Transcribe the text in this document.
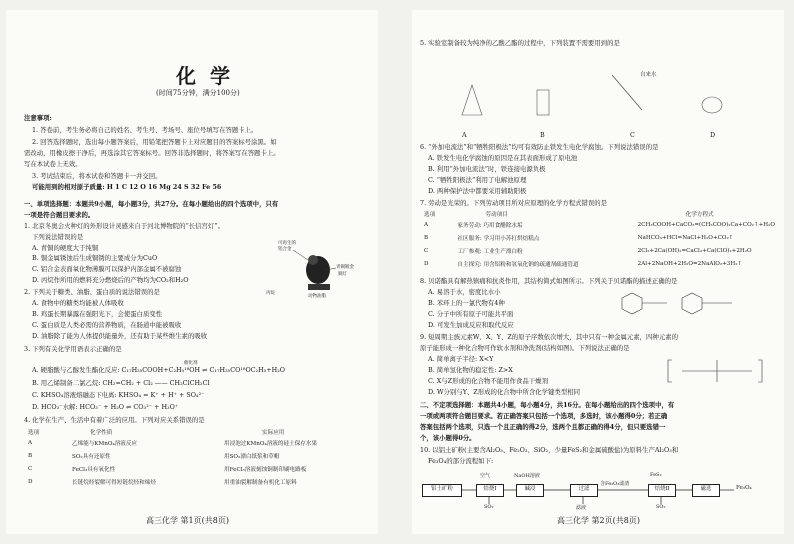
化学
(时间75分钟，满分100分)
注意事项:
1. 答卷前，考生务必将自己的姓名、考生号、考场号、座位号填写在答题卡上。
2. 回答选择题时，选出每小题答案后，用铅笔把答题卡上对应题目的答案标号涂黑。如
需改动，用橡皮擦干净后，再选涂其它答案标号。回答非选择题时，将答案写在答题卡上。
写在本试卷上无效。
3. 考试结束后，将本试卷和答题卡一并交回。
可能用到的相对原子质量: H 1 C 12 O 16 Mg 24 S 32 Fe 56
一、单项选择题：本题共9小题，每小题3分，共27分。在每小题给出的四个选项中，只有
一项是符合题目要求的。
1. 北京冬奥会火种灯的外形设计灵感来自于河北博物院的“长信宫灯”。
下列说法错误的是
A. 青铜的硬度大于纯铜
B. 铜金属锈蚀后生成铜锈的主要成分为CuO
C. 铝合金表面氧化物薄膜可以保护内部金属不被腐蚀
D. 丙烷作所用的燃料充分燃烧后的产物均为CO₂和H₂O
可再生的
铝合金
青铜镀金
铜灯
丙烷
动物油脂
2. 下列关于糖类、油脂、蛋白质的说法错误的是
A. 食物中的糖类均能被人体吸收
B. 鸡蛋长期暴露在强阳光下，会使蛋白质变性
C. 蛋白质是人类必需的营养物质，在肠道中能被吸收
D. 油脂除了能为人体提供能量外，还有助于某些维生素的吸收
3. 下列有关化学用语表示正确的是
催化剂
A. 硬脂酸与乙醇发生酯化反应: C₁₇H₃₅COOH+C₂H₅¹⁸OH ⇌ C₁₇H₃₅CO¹⁸OC₂H₅+H₂O
B. 用乙烯制备二氯乙烷: CH₂=CH₂ + Cl₂ —— CH₂ClCH₂Cl
C. KHSO₄溶液熔融态下电离: KHSO₄ = K⁺ + H⁺ + SO₄²⁻
D. HCO₃⁻水解: HCO₃⁻ + H₂O ⇌ CO₃²⁻ + H₃O⁺
4. 化学在生产、生活中有着广泛的应用。下列对应关系错误的是
选项	化学性质	实际应用
A	乙烯能与KMnO₄溶液反应	用浸泡过KMnO₄溶液的硅土保存水果
B	SO₂具有还原性	用SO₂漂白纸浆和草帽
C	FeCl₃具有氧化性	用FeCl₃溶液刻蚀铜制印刷电路板
D	长链烷烃裂解可得短链烷烃和烯烃	用重油裂解制备有机化工原料
高三化学 第1页(共8页)
5. 实验室制备较为纯净的乙酸乙酯的过程中，下列装置不需要用到的是
自来水
A	B	C	D
6. “外加电流法”和“牺牲阳极法”均可有效防止铁发生电化学腐蚀。下列说法错误的是
A. 铁发生电化学腐蚀的原因是在其表面形成了原电池
B. 利用“外加电流法”时，铁连接电源负极
C. “牺牲阳极法”利用了电解池原理
D. 两种保护法中都要采用辅助阳极
7. 劳动是光荣的。下列劳动项目所对应原理的化学方程式错误的是
选项	劳动项目	化学方程式
A	家务劳动: 巧用食醋除水垢	2CH₃COOH+CaCO₃=(CH₃COO)₂Ca+CO₂↑+H₂O
B	社区服务: 学习用小苏打烘焙糕点	NaHCO₃+HCl=NaCl+H₂O+CO₂↑
C	工厂参观: 工业生产漂白粉	2Cl₂+2Ca(OH)₂=CaCl₂+Ca(ClO)₂+2H₂O
D	自主探究: 用含铝粉和氢氧化钠的疏通剂疏通管道	2Al+2NaOH+2H₂O=2NaAlO₂+3H₂↑
8. 贝诺酯具有解热镇痛和抗炎作用，其结构简式如图所示。下列关于贝诺酯的描述正确的是
A. 易溶于水，密度比水小
B. 苯环上的一氯代物有4种
C. 分子中所有原子可能共平面
D. 可发生加成反应和取代反应
9. 短周期主族元素W、X、Y、Z的原子序数依次增大，其中只有一种金属元素，四种元素的
原子能形成一种化合物可作软水剂和净洗剂(结构如图)。下列说法正确的是
A. 简单离子半径: X<Y
B. 简单氢化物的稳定性: Z>X
C. X与Z形成的化合物不能用作食品干燥剂
D. W分别与Y、Z形成的化合物中所含化学键类型相同
二、不定项选择题：本题共4小题，每小题4分，共16分。在每小题给出的四个选项中，有
一项或两项符合题目要求。若正确答案只包括一个选项，多选时，该小题得0分；若正确
答案包括两个选项，只选一个且正确的得2分，选两个且都正确的得4分，但只要选错一
个，该小题得0分。
10. 以铝土矿粉(主要含Al₂O₃、Fe₂O₃、SiO₂，少量FeS₂和金属硫酸盐)为原料生产Al₂O₃和
Fe₃O₄的部分流程如下:
铝土矿粉	焙烧Ⅰ	碱浸	过滤	焙烧Ⅱ	磁选	Fe₃O₄
空气	NaOH溶液
含Fe₂O₃滤渣
FeS₂
SO₂	滤液	SO₂
高三化学 第2页(共8页)
